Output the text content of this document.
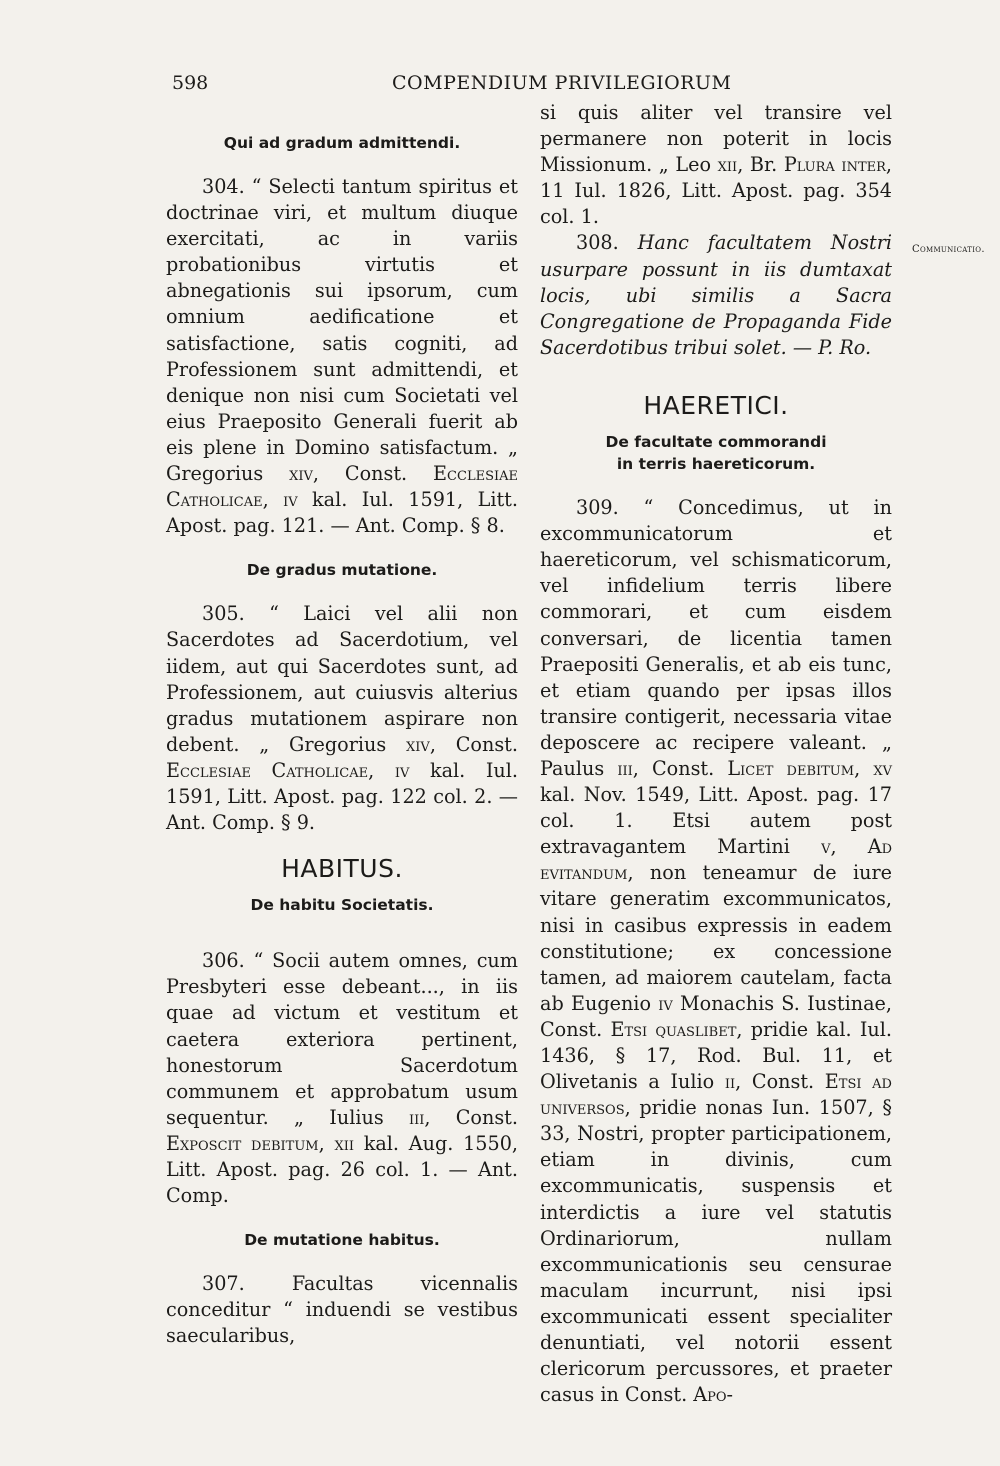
598	COMPENDIUM PRIVILEGIORUM
Communicatio.
Qui ad gradum admittendi.

304. “ Selecti tantum spiritus et doctrinae viri, et multum diuque exercitati, ac in variis probationibus virtutis et abnegationis sui ipsorum, cum omnium aedificatione et satisfactione, satis cogniti, ad Professionem sunt admittendi, et denique non nisi cum Societati vel eius Praeposito Generali fuerit ab eis plene in Domino satisfactum. „ Gregorius xiv, Const. Ecclesiae Catholicae, iv kal. Iul. 1591, Litt. Apost. pag. 121. — Ant. Comp. § 8.

De gradus mutatione.

305. “ Laici vel alii non Sacerdotes ad Sacerdotium, vel iidem, aut qui Sacerdotes sunt, ad Professionem, aut cuiusvis alterius gradus mutationem aspirare non debent. „ Gregorius xiv, Const. Ecclesiae Catholicae, iv kal. Iul. 1591, Litt. Apost. pag. 122 col. 2. — Ant. Comp. § 9.

HABITUS.
De habitu Societatis.

306. “ Socii autem omnes, cum Presbyteri esse debeant..., in iis quae ad victum et vestitum et caetera exteriora pertinent, honestorum Sacerdotum communem et approbatum usum sequentur. „ Iulius iii, Const. Exposcit debitum, xii kal. Aug. 1550, Litt. Apost. pag. 26 col. 1. — Ant. Comp.

De mutatione habitus.

307. Facultas vicennalis conceditur “ induendi se vestibus saecularibus,

si quis aliter vel transire vel permanere non poterit in locis Missionum. „ Leo xii, Br. Plura inter, 11 Iul. 1826, Litt. Apost. pag. 354 col. 1.

308. Hanc facultatem Nostri usurpare possunt in iis dumtaxat locis, ubi similis a Sacra Congregatione de Propaganda Fide Sacerdotibus tribui solet. — P. Ro.

HAERETICI.
De facultate commorandi
in terris haereticorum.

309. “ Concedimus, ut in excommunicatorum et haereticorum, vel schismaticorum, vel infidelium terris libere commorari, et cum eisdem conversari, de licentia tamen Praepositi Generalis, et ab eis tunc, et etiam quando per ipsas illos transire contigerit, necessaria vitae deposcere ac recipere valeant. „ Paulus iii, Const. Licet debitum, xv kal. Nov. 1549, Litt. Apost. pag. 17 col. 1. Etsi autem post extravagantem Martini v, Ad evitandum, non teneamur de iure vitare generatim excommunicatos, nisi in casibus expressis in eadem constitutione; ex concessione tamen, ad maiorem cautelam, facta ab Eugenio iv Monachis S. Iustinae, Const. Etsi quaslibet, pridie kal. Iul. 1436, § 17, Rod. Bul. 11, et Olivetanis a Iulio ii, Const. Etsi ad universos, pridie nonas Iun. 1507, § 33, Nostri, propter participationem, etiam in divinis, cum excommunicatis, suspensis et interdictis a iure vel statutis Ordinariorum, nullam excommunicationis seu censurae maculam incurrunt, nisi ipsi excommunicati essent specialiter denuntiati, vel notorii essent clericorum percussores, et praeter casus in Const. Apo-
